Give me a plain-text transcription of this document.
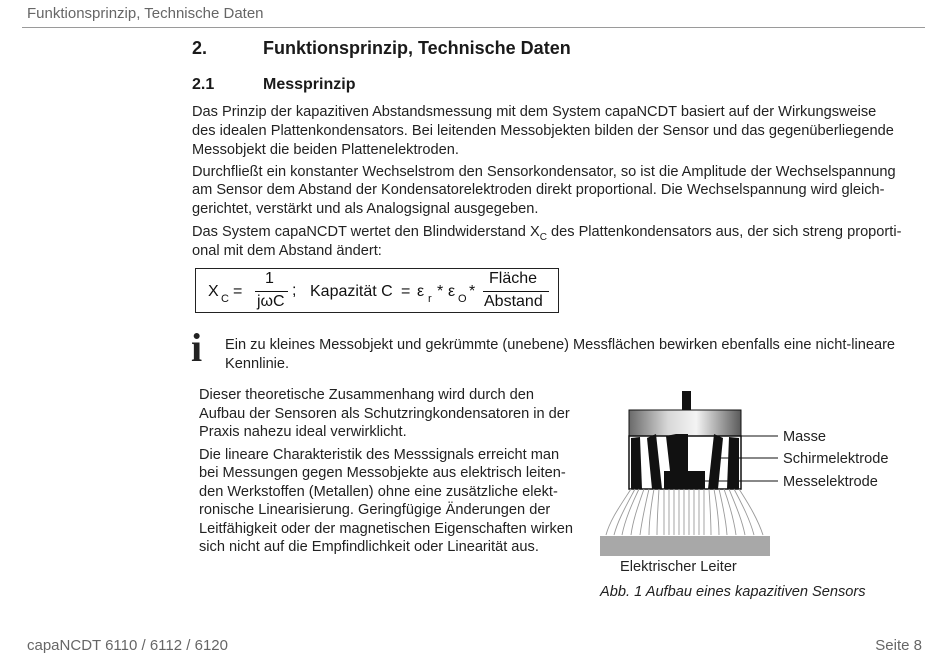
Funktionsprinzip, Technische Daten
2.	Funktionsprinzip, Technische Daten
2.1	Messprinzip
Das Prinzip der kapazitiven Abstandsmessung mit dem System capaNCDT basiert auf der Wirkungsweise
des idealen Plattenkondensators. Bei leitenden Messobjekten bilden der Sensor und das gegenüberliegende
Messobjekt die beiden Plattenelektroden.
Durchfließt ein konstanter Wechselstrom den Sensorkondensator, so ist die Amplitude der Wechselspannung
am Sensor dem Abstand der Kondensatorelektroden direkt proportional. Die Wechselspannung wird gleich-
gerichtet, verstärkt und als Analogsignal ausgegeben.
Das System capaNCDT wertet den Blindwiderstand $X_C$ des Plattenkondensators aus, der sich streng proporti-
onal mit dem Abstand ändert:
X C =
1
jωC
; Kapazität C = ε r * ε O *
Fläche
Abstand
i Ein zu kleines Messobjekt und gekrümmte (unebene) Messflächen bewirken ebenfalls eine nicht-lineare
Kennlinie.
Dieser theoretische Zusammenhang wird durch den
Aufbau der Sensoren als Schutzringkondensatoren in der
Praxis nahezu ideal verwirklicht.
Die lineare Charakteristik des Messsignals erreicht man
bei Messungen gegen Messobjekte aus elektrisch leiten-
den Werkstoffen (Metallen) ohne eine zusätzliche elekt-
ronische Linearisierung. Geringfügige Änderungen der
Leitfähigkeit oder der magnetischen Eigenschaften wirken
sich nicht auf die Empfindlichkeit oder Linearität aus.
Masse
Schirmelektrode
Messelektrode
Elektrischer Leiter
Abb. 1 Aufbau eines kapazitiven Sensors
capaNCDT 6110 / 6112 / 6120	Seite 8
